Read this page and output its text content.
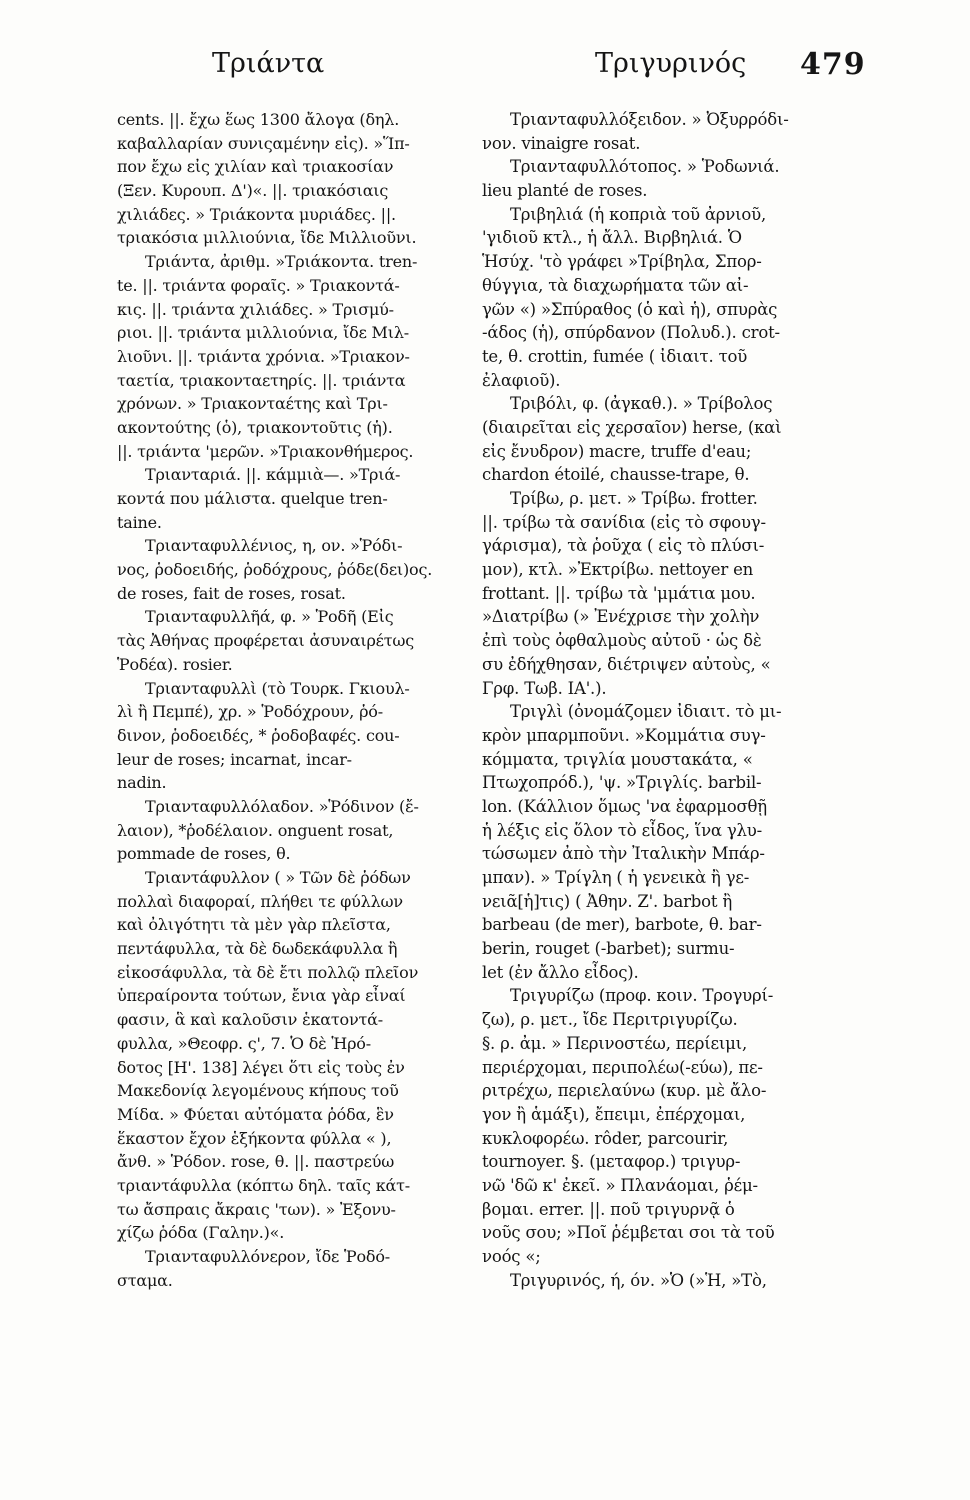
Τριάντα	Τριγυρινός 479
cents. ||. ἔχω ἕως 1300 ἄλογα (δηλ.
καβαλλαρίαν συνιςαμένην εἰς). »Ἵπ-
πον ἔχω εἰς χιλίαν καὶ τριακοσίαν
(Ξεν. Κυρουπ. Δ')«. ||. τριακόσιαις
χιλιάδες. » Τριάκοντα μυριάδες. ||.
τριακόσια μιλλιούνια, ἴδε Μιλλιοῦνι.
Τριάντα, ἀριθμ. »Τριάκοντα. tren-
te. ||. τριάντα φοραῖς. » Τριακοντά-
κις. ||. τριάντα χιλιάδες. » Τρισμύ-
ριοι. ||. τριάντα μιλλιούνια, ἴδε Μιλ-
λιοῦνι. ||. τριάντα χρόνια. »Τριακον-
ταετία, τριακονταετηρίς. ||. τριάντα
χρόνων. » Τριακονταέτης καὶ Τρι-
ακοντούτης (ὁ), τριακοντοῦτις (ἡ).
||. τριάντα 'μερῶν. »Τριακονθήμερος.
Τριανταριά. ||. κάμμιὰ—. »Τριά-
κοντά που μάλιστα. quelque tren-
taine.
Τριανταφυλλένιος, η, ον. »Ῥόδι-
νος, ῥοδοειδής, ῥοδόχρους, ῥόδε(δει)ος.
de roses, fait de roses, rosat.
Τριανταφυλλῆά, φ. » Ῥοδῆ (Εἰς
τὰς Ἀθήνας προφέρεται ἀσυναιρέτως
Ῥοδέα). rosier.
Τριανταφυλλὶ (τὸ Τουρκ. Γκιουλ-
λὶ ἢ Πεμπέ), χρ. » Ῥοδόχρουν, ῥό-
δινον, ῥοδοειδές, * ῥοδοβαφές. cou-
leur de roses; incarnat, incar-
nadin.
Τριανταφυλλόλαδον. »Ῥόδινον (ἔ-
λαιον), *ῥοδέλαιον. onguent rosat,
pommade de roses, θ.
Τριαντάφυλλον ( » Τῶν δὲ ῥόδων
πολλαὶ διαφοραί, πλήθει τε φύλλων
καὶ ὀλιγότητι τὰ μὲν γὰρ πλεῖστα,
πεντάφυλλα, τὰ δὲ δωδεκάφυλλα ἢ
εἰκοσάφυλλα, τὰ δὲ ἔτι πολλῷ πλεῖον
ὑπεραίροντα τούτων, ἔνια γὰρ εἶναί
φασιν, ἃ καὶ καλοῦσιν ἑκατοντά-
φυλλα, »Θεοφρ. ς', 7. Ὁ δὲ Ἡρό-
δοτος [Η'. 138] λέγει ὅτι εἰς τοὺς ἐν
Μακεδονίᾳ λεγομένους κήπους τοῦ
Μίδα. » Φύεται αὐτόματα ῥόδα, ἓν
ἕκαστον ἔχον ἑξήκοντα φύλλα « ),
ἄνθ. » Ῥόδον. rose, θ. ||. παστρεύω
τριαντάφυλλα (κόπτω δηλ. ταῖς κάτ-
τω ἄσπραις ἄκραις 'των). » Ἐξονυ-
χίζω ῥόδα (Γαλην.)«.
Τριανταφυλλόνερον, ἴδε Ῥοδό-
σταμα.
Τριανταφυλλόξειδον. » Ὀξυρρόδι-
νον. vinaigre rosat.
Τριανταφυλλότοπος. » Ῥοδωνιά.
lieu planté de roses.
Τριβηλιά (ἡ κοπριὰ τοῦ ἀρνιοῦ,
'γιδιοῦ κτλ., ἡ ἄλλ. Βιρβηλιά. Ὁ
Ἡσύχ. 'τὸ γράφει »Τρίβηλα, Σπορ-
θύγγια, τὰ διαχωρήματα τῶν αἰ-
γῶν «) »Σπύραθος (ὁ καὶ ἡ), σπυρὰς
-άδος (ἡ), σπύρδανον (Πολυδ.). crot-
te, θ. crottin, fumée ( ἰδιαιτ. τοῦ
ἐλαφιοῦ).
Τριβόλι, φ. (ἀγκαθ.). » Τρίβολος
(διαιρεῖται εἰς χερσαῖον) herse, (καὶ
εἰς ἔνυδρον) macre, truffe d'eau;
chardon étoilé, chausse-trape, θ.
Τρίβω, ρ. μετ. » Τρίβω. frotter.
||. τρίβω τὰ σανίδια (εἰς τὸ σφουγ-
γάρισμα), τὰ ῥοῦχα ( εἰς τὸ πλύσι-
μον), κτλ. »Ἐκτρίβω. nettoyer en
frottant. ||. τρίβω τὰ 'μμάτια μου.
»Διατρίβω (» Ἐνέχρισε τὴν χολὴν
ἐπὶ τοὺς ὀφθαλμοὺς αὐτοῦ · ὡς δὲ
συ ἐδήχθησαν, διέτριψεν αὐτοὺς, «
Γρφ. Τωβ. ΙΑ'.).
Τριγλὶ (ὀνομάζομεν ἰδιαιτ. τὸ μι-
κρὸν μπαρμποῦνι. »Κομμάτια συγ-
κόμματα, τριγλία μουστακάτα, «
Πτωχοπρόδ.), 'ψ. »Τριγλίς. barbil-
lon. (Κάλλιον ὅμως 'να ἐφαρμοσθῇ
ἡ λέξις εἰς ὅλον τὸ εἶδος, ἵνα γλυ-
τώσωμεν ἀπὸ τὴν Ἰταλικὴν Μπάρ-
μπαν). » Τρίγλη ( ἡ γενεικὰ ἢ γε-
νειᾶ[ἡ]τις) ( Ἀθην. Ζ'. barbot ἢ
barbeau (de mer), barbote, θ. bar-
berin, rouget (-barbet); surmu-
let (ἐν ἄλλο εἶδος).
Τριγυρίζω (προφ. κοιν. Τρογυρί-
ζω), ρ. μετ., ἴδε Περιτριγυρίζω.
§. ρ. ἀμ. » Περινοστέω, περίειμι,
περιέρχομαι, περιπολέω(-εύω), πε-
ριτρέχω, περιελαύνω (κυρ. μὲ ἄλο-
γον ἢ ἁμάξι), ἔπειμι, ἐπέρχομαι,
κυκλοφορέω. rôder, parcourir,
tournoyer. §. (μεταφορ.) τριγυρ-
νῶ 'δῶ κ' ἐκεῖ. » Πλανάομαι, ῥέμ-
βομαι. errer. ||. ποῦ τριγυρνᾷ ὁ
νοῦς σου; »Ποῖ ῥέμβεται σοι τὰ τοῦ
νοός «;
Τριγυρινός, ή, όν. »Ὁ (»Ἡ, »Τὸ,
